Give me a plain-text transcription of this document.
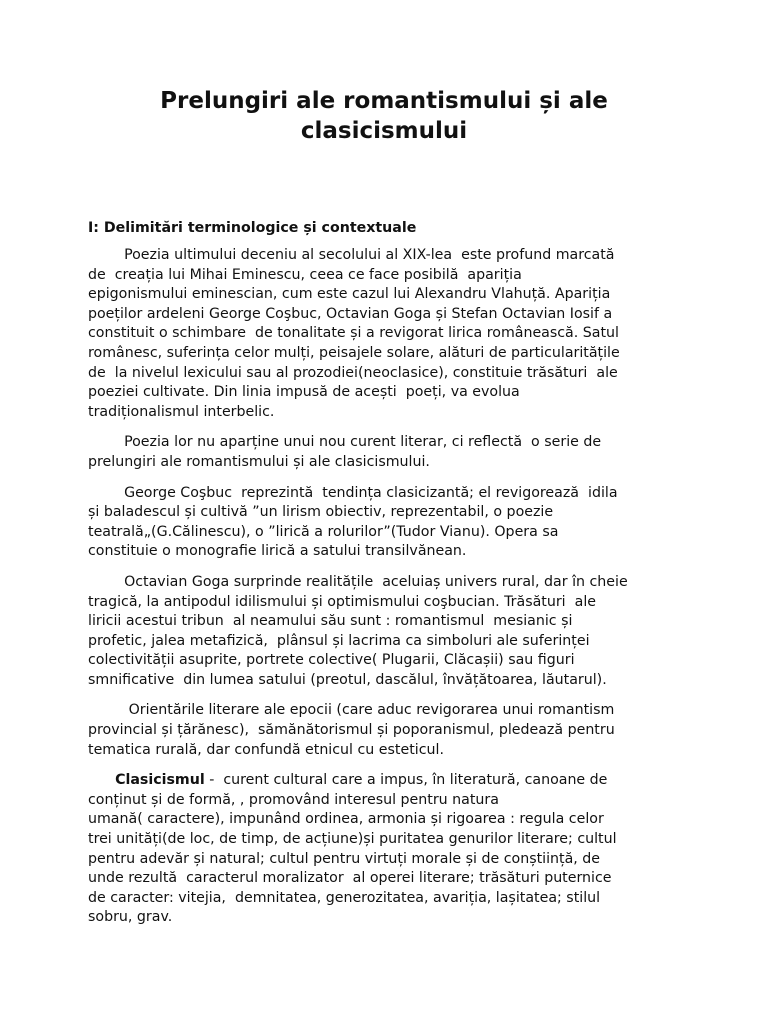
Prelungiri ale romantismului și ale
clasicismului
I: Delimitări terminologice și contextuale
Poezia ultimului deceniu al secolului al XIX-lea  este profund marcată
de  creația lui Mihai Eminescu, ceea ce face posibilă  apariția
epigonismului eminescian, cum este cazul lui Alexandru Vlahuță. Apariția
poeților ardeleni George Coşbuc, Octavian Goga și Stefan Octavian Iosif a
constituit o schimbare  de tonalitate și a revigorat lirica românească. Satul
românesc, suferința celor mulți, peisajele solare, alături de particularitățile
de  la nivelul lexicului sau al prozodiei(neoclasice), constituie trăsături  ale
poeziei cultivate. Din linia impusă de acești  poeți, va evolua
tradiționalismul interbelic.
Poezia lor nu aparține unui nou curent literar, ci reflectă  o serie de
prelungiri ale romantismului și ale clasicismului.
George Coşbuc  reprezintă  tendința clasicizantă; el revigorează  idila
și baladescul și cultivă ”un lirism obiectiv, reprezentabil, o poezie
teatrală„(G.Călinescu), o ”lirică a rolurilor”(Tudor Vianu). Opera sa
constituie o monografie lirică a satului transilvănean.
Octavian Goga surprinde realitățile  aceluiaș univers rural, dar în cheie
tragică, la antipodul idilismului și optimismului coşbucian. Trăsături  ale
liricii acestui tribun  al neamului său sunt : romantismul  mesianic și
profetic, jalea metafizică,  plânsul și lacrima ca simboluri ale suferinței
colectivității asuprite, portrete colective( Plugarii, Clăcașii) sau figuri
smnificative  din lumea satului (preotul, dascălul, învățătoarea, lăutarul).
Orientările literare ale epocii (care aduc revigorarea unui romantism
provincial și țărănesc),  sămănătorismul și poporanismul, pledează pentru
tematica rurală, dar confundă etnicul cu esteticul.
Clasicismul -  curent cultural care a impus, în literatură, canoane de
conținut și de formă, , promovând interesul pentru natura
umană( caractere), impunând ordinea, armonia și rigoarea : regula celor
trei unități(de loc, de timp, de acțiune)și puritatea genurilor literare; cultul
pentru adevăr și natural; cultul pentru virtuți morale și de conștiință, de
unde rezultă  caracterul moralizator  al operei literare; trăsături puternice
de caracter: vitejia,  demnitatea, generozitatea, avariția, lașitatea; stilul
sobru, grav.
